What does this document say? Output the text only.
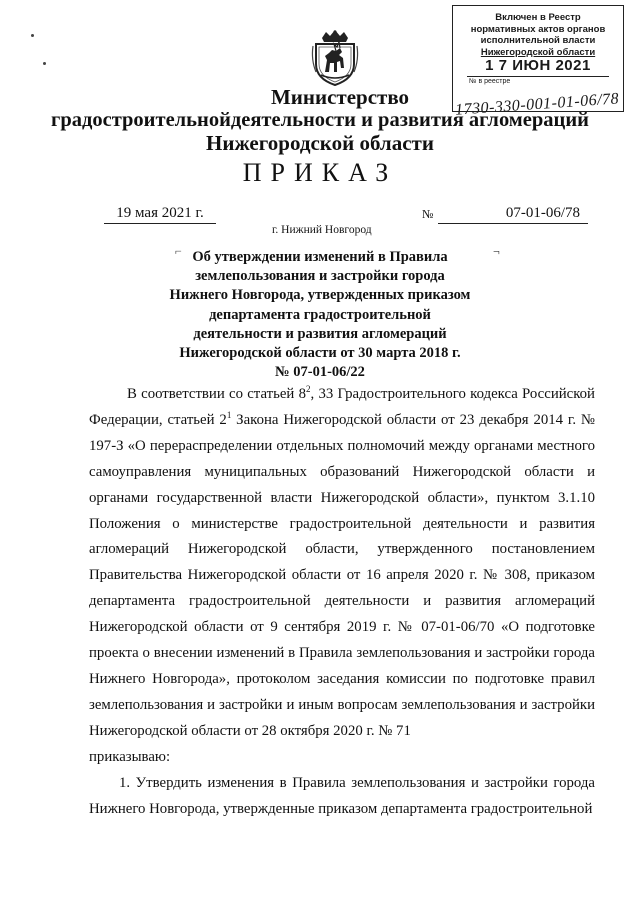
Включен в Реестр
нормативных актов органов
исполнительной власти
Нижегородской области
1 7 ИЮН 2021
№ в реестре
1730-330-001-01-06/78
Министерство
градостроительнойдеятельности и развития агломераций
Нижегородской области
ПРИКАЗ
19 мая 2021 г.
г. Нижний Новгород
№	07-01-06/78
⌐	¬
Об утверждении изменений в Правила
землепользования и застройки города
Нижнего Новгорода, утвержденных приказом
департамента градостроительной
деятельности и развития агломераций
Нижегородской области от 30 марта 2018 г.
№ 07-01-06/22

В соответствии со статьей $8^2$, 33 Градостроительного кодекса Российской Федерации, статьей $2^1$ Закона Нижегородской области от 23 декабря 2014 г. № 197-З «О перераспределении отдельных полномочий между органами местного самоуправления муниципальных образований Нижегородской области и органами государственной власти Нижегородской области», пунктом 3.1.10 Положения о министерстве градостроительной деятельности и развития агломераций Нижегородской области, утвержденного постановлением Правительства Нижегородской области от 16 апреля 2020 г. № 308, приказом департамента градостроительной деятельности и развития агломераций Нижегородской области от 9 сентября 2019 г. № 07-01-06/70 «О подготовке проекта о внесении изменений в Правила землепользования и застройки города Нижнего Новгорода», протоколом заседания комиссии по подготовке правил землепользования и застройки и иным вопросам землепользования и застройки Нижегородской области от 28 октября 2020 г. № 71

приказываю:

1. Утвердить изменения в Правила землепользования и застройки города Нижнего Новгорода, утвержденные приказом департамента градостроительной
